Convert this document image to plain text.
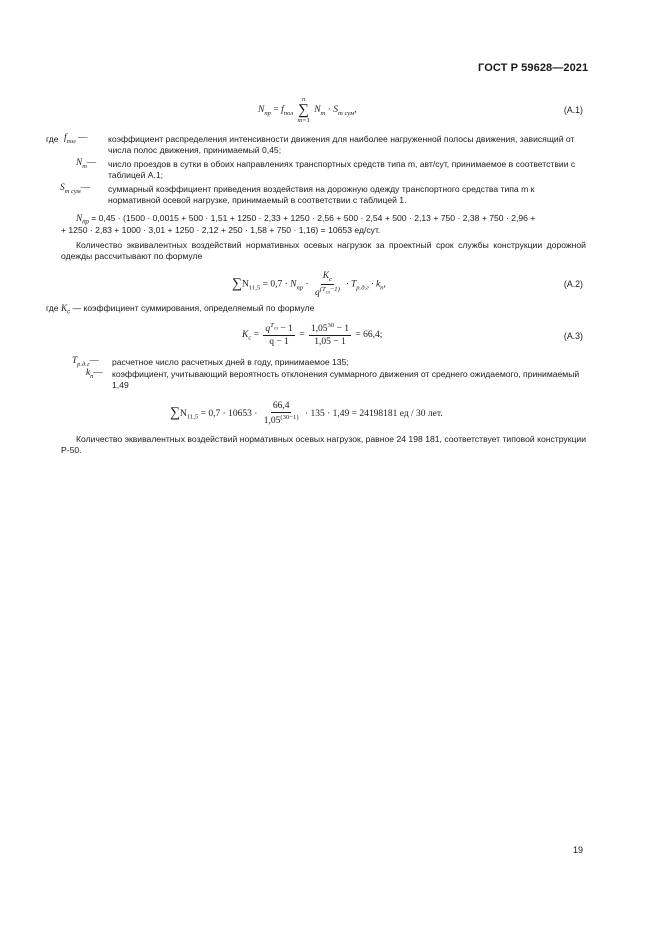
ГОСТ Р 59628—2021
$N_{пр} = f_{пол}$
n
∑
m=1
$N_m \cdot S_{m сум}$,	(А.1)
где $f_{пол}$ — коэффициент распределения интенсивности движения для наиболее нагруженной полосы движения, зависящий от числа полос движения, принимаемый 0,45;
$N_m—$ число проездов в сутки в обоих направлениях транспортных средств типа m, авт/сут, принимаемое в соответствии с таблицей А.1;
$S_{m сум}—$ суммарный коэффициент приведения воздействия на дорожную одежду транспортного средства типа m к нормативной осевой нагрузке, принимаемый в соответствии с таблицей 1.
$N_{пр} = 0,45 \cdot (1500 \cdot 0,0015 + 500 \cdot 1,51 + 1250 \cdot 2,33 + 1250 \cdot 2,56 + 500 \cdot 2,54 + 500 \cdot 2,13 + 750 \cdot 2,38 + 750 \cdot 2,96$ +
+ 1250 · 2,83 + 1000 · 3,01 + 1250 · 2,12 + 250 · 1,58 + 750 · 1,16) = 10653 ед/сут.
Количество эквивалентных воздействий нормативных осевых нагрузок за проектный срок службы конструкции дорожной одежды рассчитывают по формуле
$\sum N_{11,5} = 0,7 \cdot N_{пр} \cdot \frac{K_с}{q^{(T_{сл}-1)}} \cdot T_{р.д.г} \cdot k_п$,	(А.2)
где $K_с$ — коэффициент суммирования, определяемый по формуле
$K_с = \frac{q^{T_{сл}} - 1}{q - 1} = \frac{1,05^{30} - 1}{1,05 - 1} = 66,4$;	(А.3)
$T_{р.д.г}—$ расчетное число расчетных дней в году, принимаемое 135;
$k_п—$ коэффициент, учитывающий вероятность отклонения суммарного движения от среднего ожидаемого, принимаемый 1,49
$\sum N_{11,5} = 0,7 \cdot 10653 \cdot \frac{66,4}{1,05^{(30-1)}} \cdot 135 \cdot 1,49 = 24198181$ ед / 30 лет.
Количество эквивалентных воздействий нормативных осевых нагрузок, равное 24 198 181, соответствует типовой конструкции Р-50.
19
